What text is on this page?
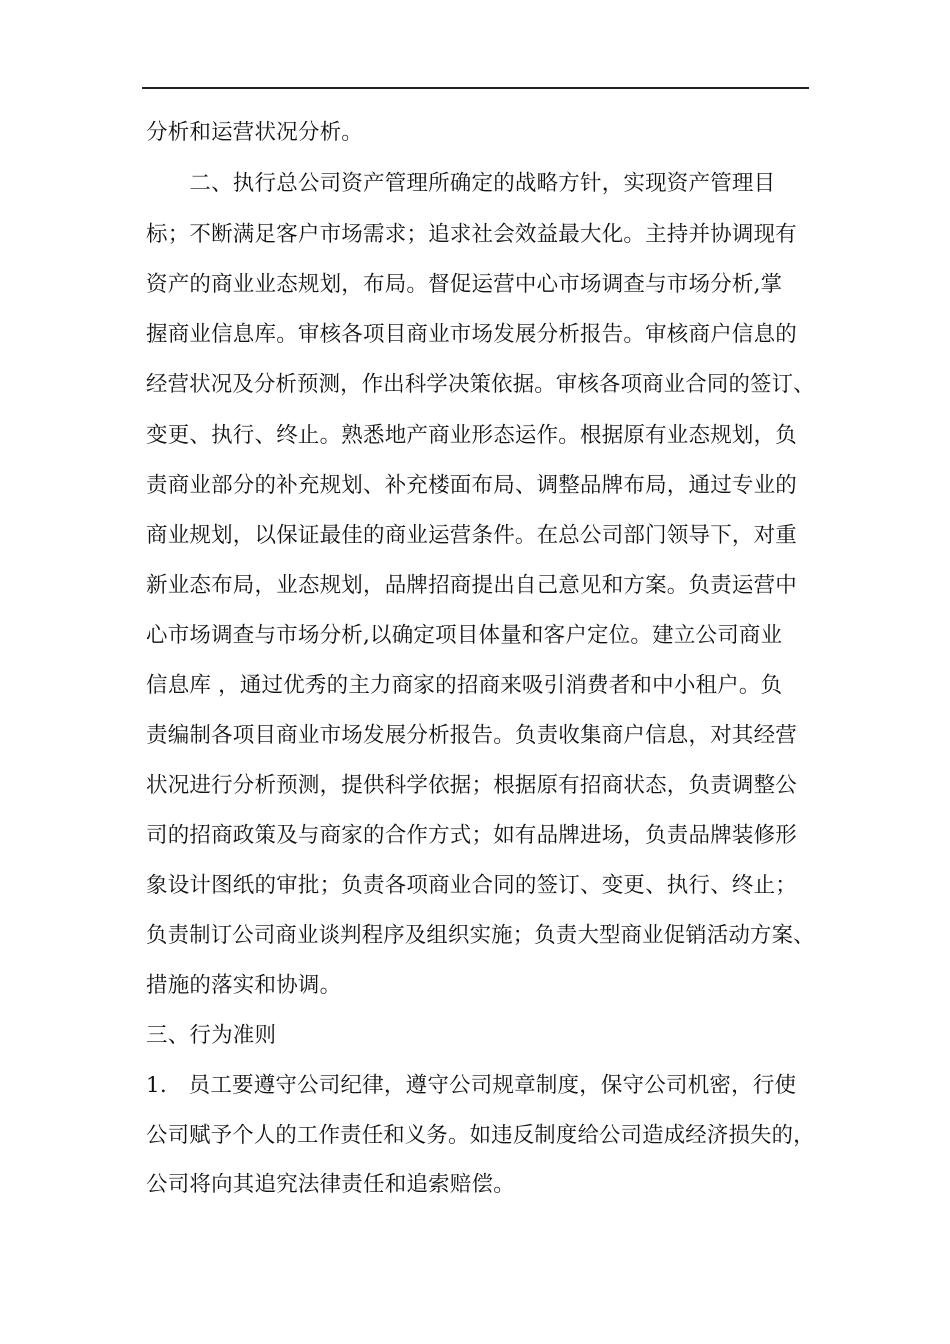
分析和运营状况分析。
　　二、执行总公司资产管理所确定的战略方针，实现资产管理目
标；不断满足客户市场需求；追求社会效益最大化。主持并协调现有
资产的商业业态规划，布局。督促运营中心市场调查与市场分析,掌
握商业信息库。审核各项目商业市场发展分析报告。审核商户信息的
经营状况及分析预测，作出科学决策依据。审核各项商业合同的签订、
变更、执行、终止。熟悉地产商业形态运作。根据原有业态规划，负
责商业部分的补充规划、补充楼面布局、调整品牌布局，通过专业的
商业规划，以保证最佳的商业运营条件。在总公司部门领导下，对重
新业态布局，业态规划，品牌招商提出自己意见和方案。负责运营中
心市场调查与市场分析,以确定项目体量和客户定位。建立公司商业
信息库 ，通过优秀的主力商家的招商来吸引消费者和中小租户。负
责编制各项目商业市场发展分析报告。负责收集商户信息，对其经营
状况进行分析预测，提供科学依据；根据原有招商状态，负责调整公
司的招商政策及与商家的合作方式；如有品牌进场，负责品牌装修形
象设计图纸的审批；负责各项商业合同的签订、变更、执行、终止；
负责制订公司商业谈判程序及组织实施；负责大型商业促销活动方案、
措施的落实和协调。
三、行为准则
1.　员工要遵守公司纪律，遵守公司规章制度，保守公司机密，行使
公司赋予个人的工作责任和义务。如违反制度给公司造成经济损失的，
公司将向其追究法律责任和追索赔偿。
